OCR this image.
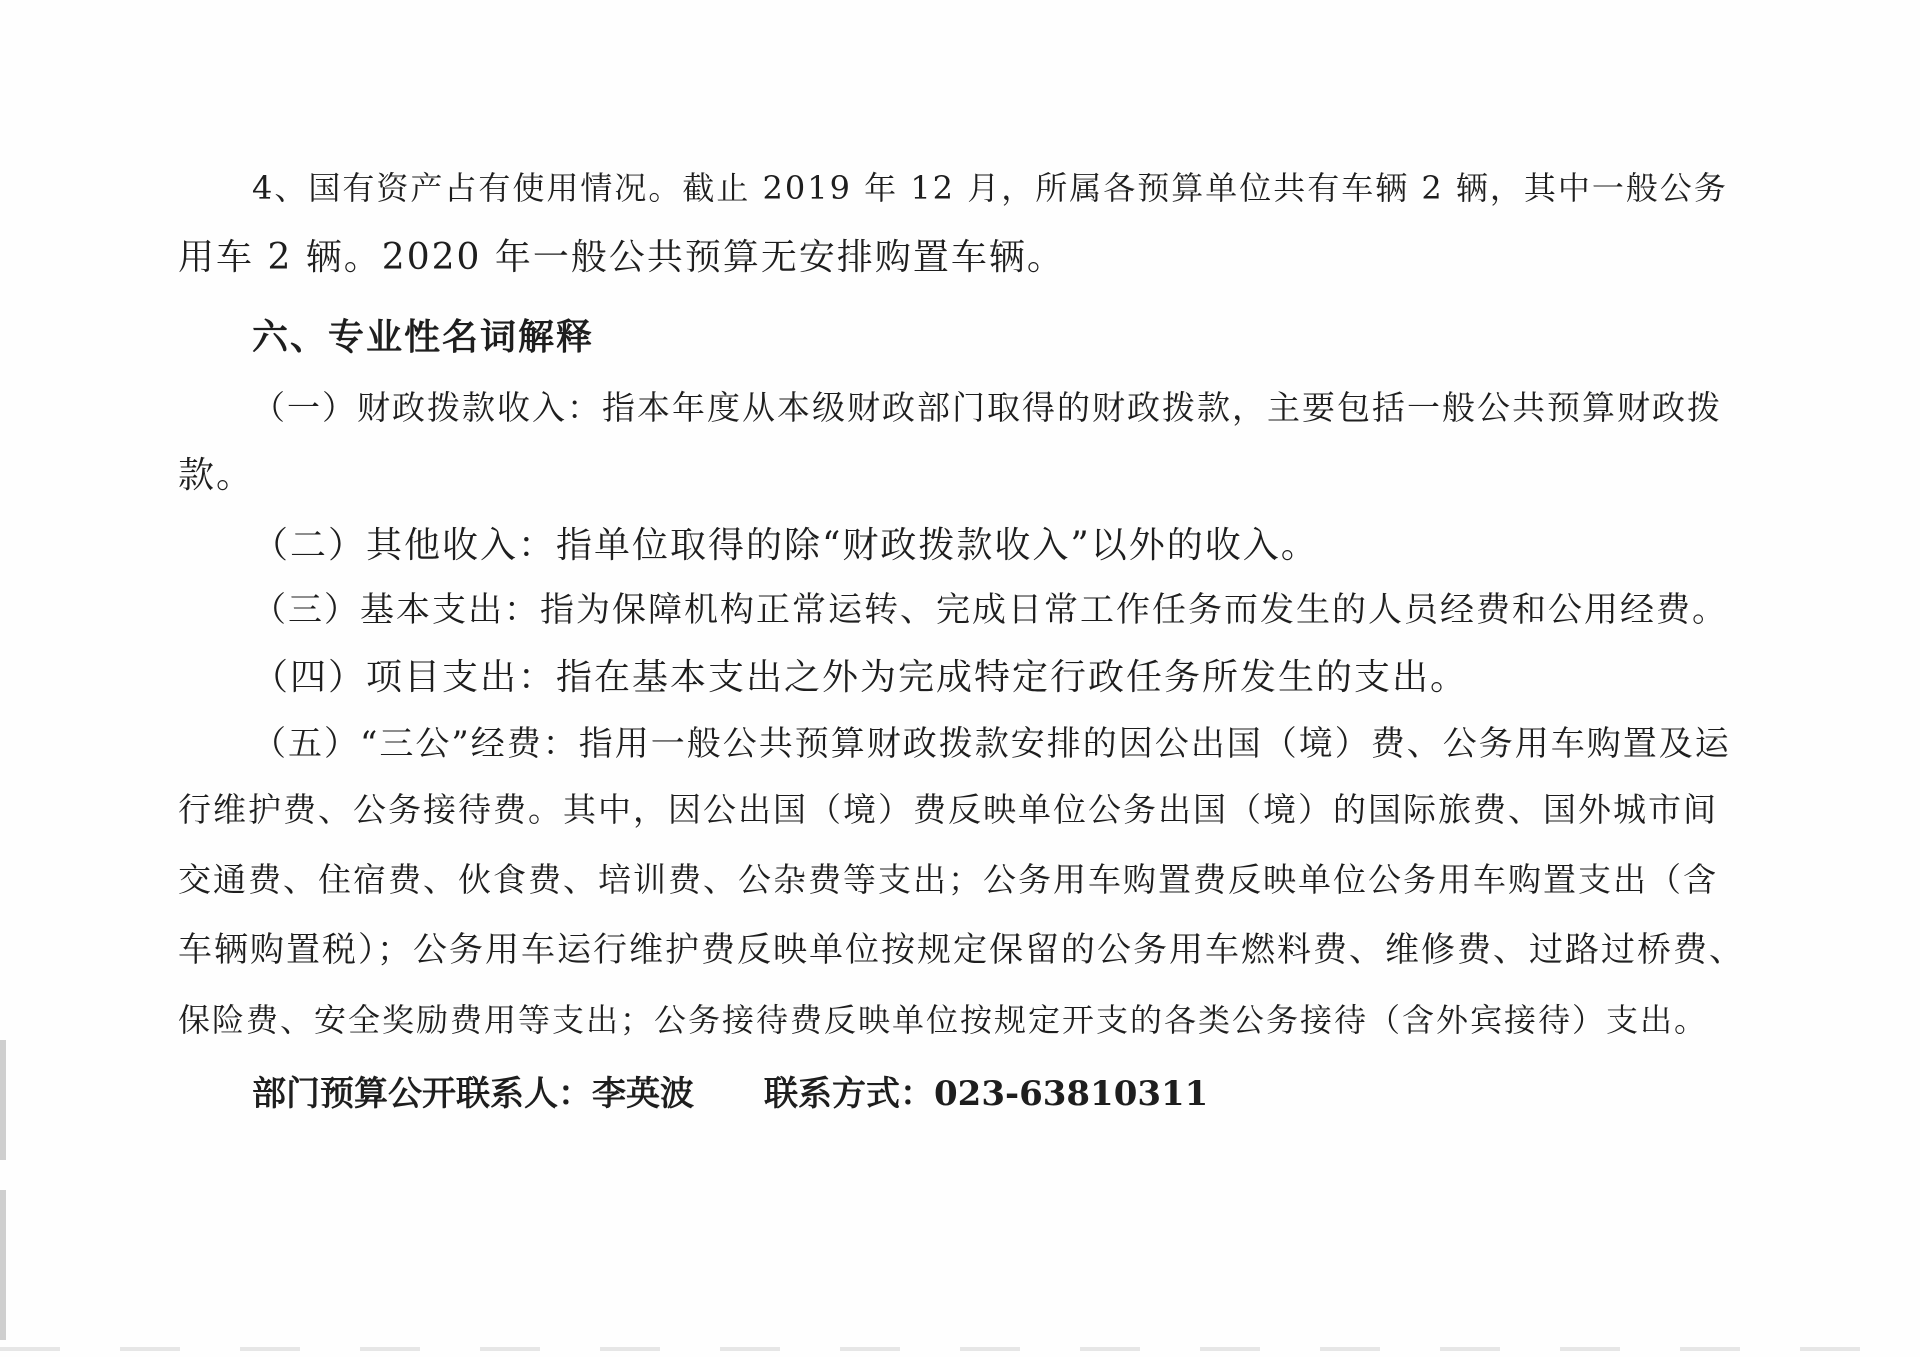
4、国有资产占有使用情况。截止 2019 年 12 月，所属各预算单位共有车辆 2 辆，其中一般公务
用车 2 辆。2020 年一般公共预算无安排购置车辆。
六、专业性名词解释
（一）财政拨款收入：指本年度从本级财政部门取得的财政拨款，主要包括一般公共预算财政拨
款。
（二）其他收入：指单位取得的除“财政拨款收入”以外的收入。
（三）基本支出：指为保障机构正常运转、完成日常工作任务而发生的人员经费和公用经费。
（四）项目支出：指在基本支出之外为完成特定行政任务所发生的支出。
（五）“三公”经费：指用一般公共预算财政拨款安排的因公出国（境）费、公务用车购置及运
行维护费、公务接待费。其中，因公出国（境）费反映单位公务出国（境）的国际旅费、国外城市间
交通费、住宿费、伙食费、培训费、公杂费等支出；公务用车购置费反映单位公务用车购置支出（含
车辆购置税）；公务用车运行维护费反映单位按规定保留的公务用车燃料费、维修费、过路过桥费、
保险费、安全奖励费用等支出；公务接待费反映单位按规定开支的各类公务接待（含外宾接待）支出。
部门预算公开联系人：李英波 联系方式：023-63810311
